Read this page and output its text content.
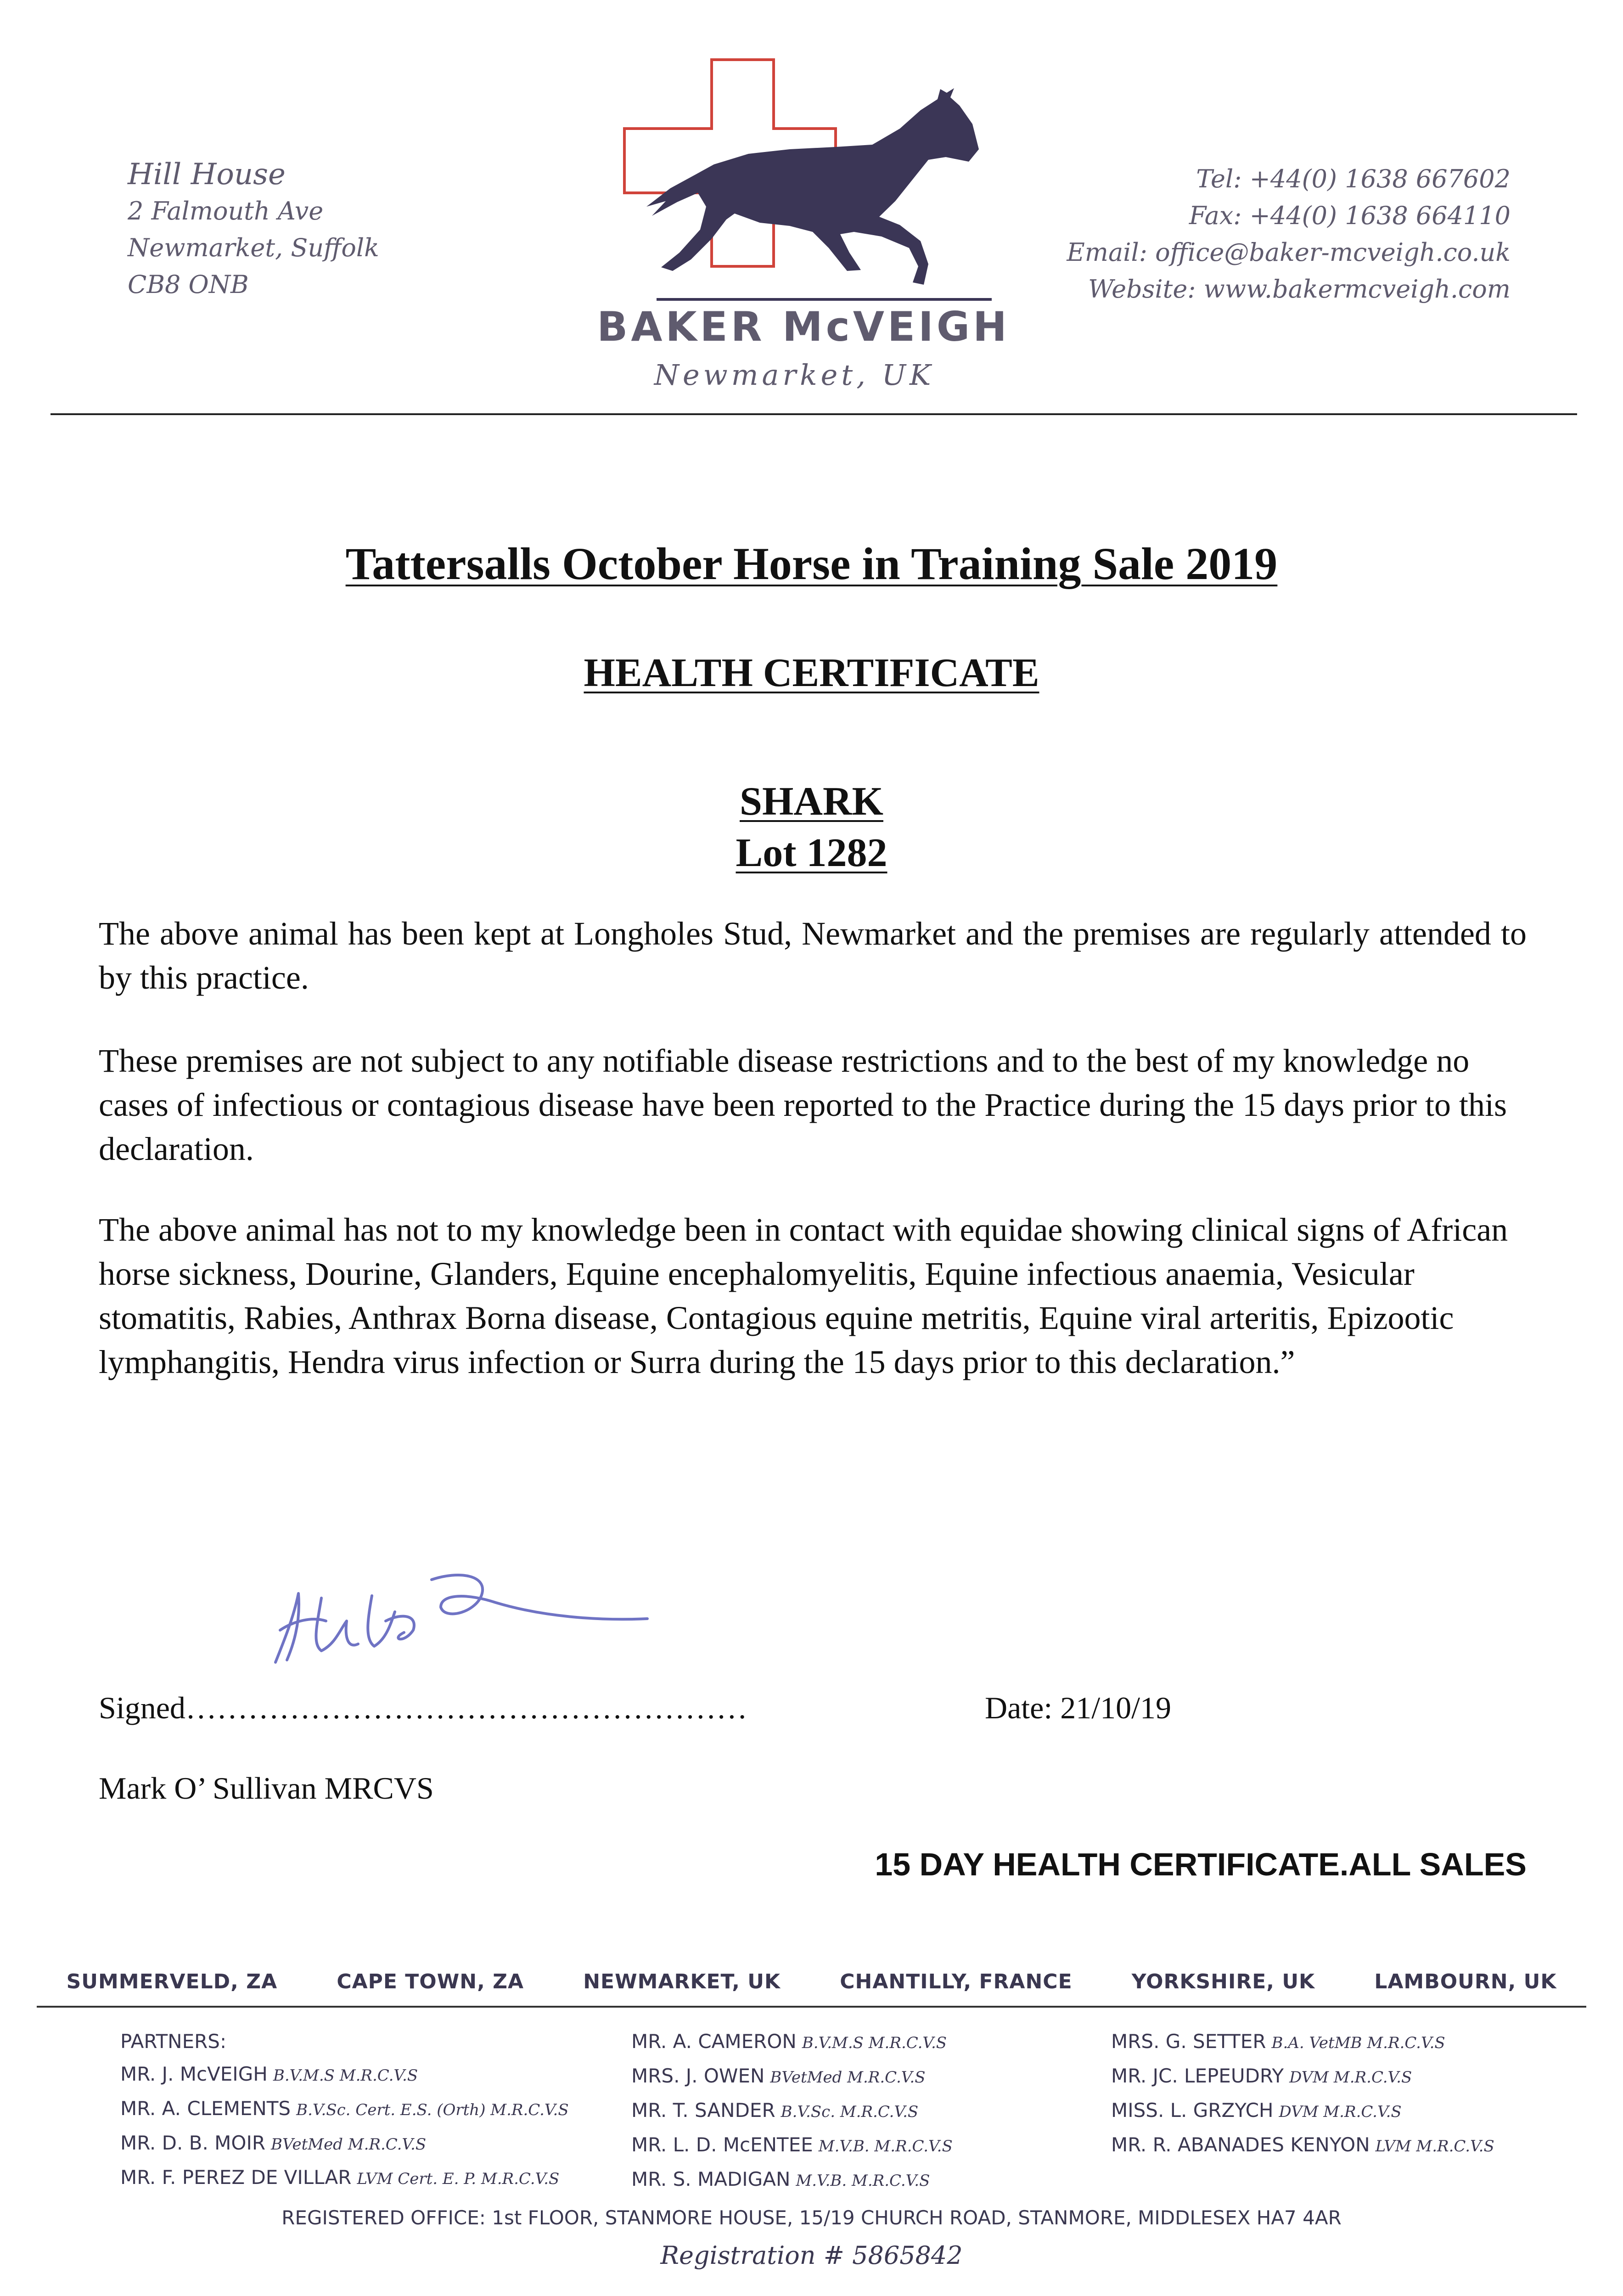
Hill House
2 Falmouth Ave
Newmarket, Suffolk
CB8 ONB
BAKER McVEIGH
Newmarket, UK
Tel: +44(0) 1638 667602
Fax: +44(0) 1638 664110
Email: office@baker-mcveigh.co.uk
Website: www.bakermcveigh.com
Tattersalls October Horse in Training Sale 2019
HEALTH CERTIFICATE
SHARK
Lot 1282
The above animal has been kept at Longholes Stud, Newmarket and the premises are regularly attended to by this practice.
These premises are not subject to any notifiable disease restrictions and to the best of my knowledge no cases of infectious or contagious disease have been reported to the Practice during the 15 days prior to this declaration.
The above animal has not to my knowledge been in contact with equidae showing clinical signs of African horse sickness, Dourine, Glanders, Equine encephalomyelitis, Equine infectious anaemia, Vesicular stomatitis, Rabies, Anthrax Borna disease, Contagious equine metritis, Equine viral arteritis, Epizootic lymphangitis, Hendra virus infection or Surra during the 15 days prior to this declaration.”
Signed………………………………………………	Date: 21/10/19
Mark O’ Sullivan MRCVS
15 DAY HEALTH CERTIFICATE.ALL SALES
SUMMERVELD, ZA	CAPE TOWN, ZA	NEWMARKET, UK	CHANTILLY, FRANCE	YORKSHIRE, UK	LAMBOURN, UK
PARTNERS:
MR. J. McVEIGH B.V.M.S M.R.C.V.S
MR. A. CLEMENTS B.V.Sc. Cert. E.S. (Orth) M.R.C.V.S
MR. D. B. MOIR BVetMed M.R.C.V.S
MR. F. PEREZ DE VILLAR LVM Cert. E. P. M.R.C.V.S
MR. A. CAMERON B.V.M.S M.R.C.V.S
MRS. J. OWEN BVetMed M.R.C.V.S
MR. T. SANDER B.V.Sc. M.R.C.V.S
MR. L. D. McENTEE M.V.B. M.R.C.V.S
MR. S. MADIGAN M.V.B. M.R.C.V.S
MRS. G. SETTER B.A. VetMB M.R.C.V.S
MR. JC. LEPEUDRY DVM M.R.C.V.S
MISS. L. GRZYCH DVM M.R.C.V.S
MR. R. ABANADES KENYON LVM M.R.C.V.S
REGISTERED OFFICE: 1st FLOOR, STANMORE HOUSE, 15/19 CHURCH ROAD, STANMORE, MIDDLESEX HA7 4AR
Registration # 5865842
